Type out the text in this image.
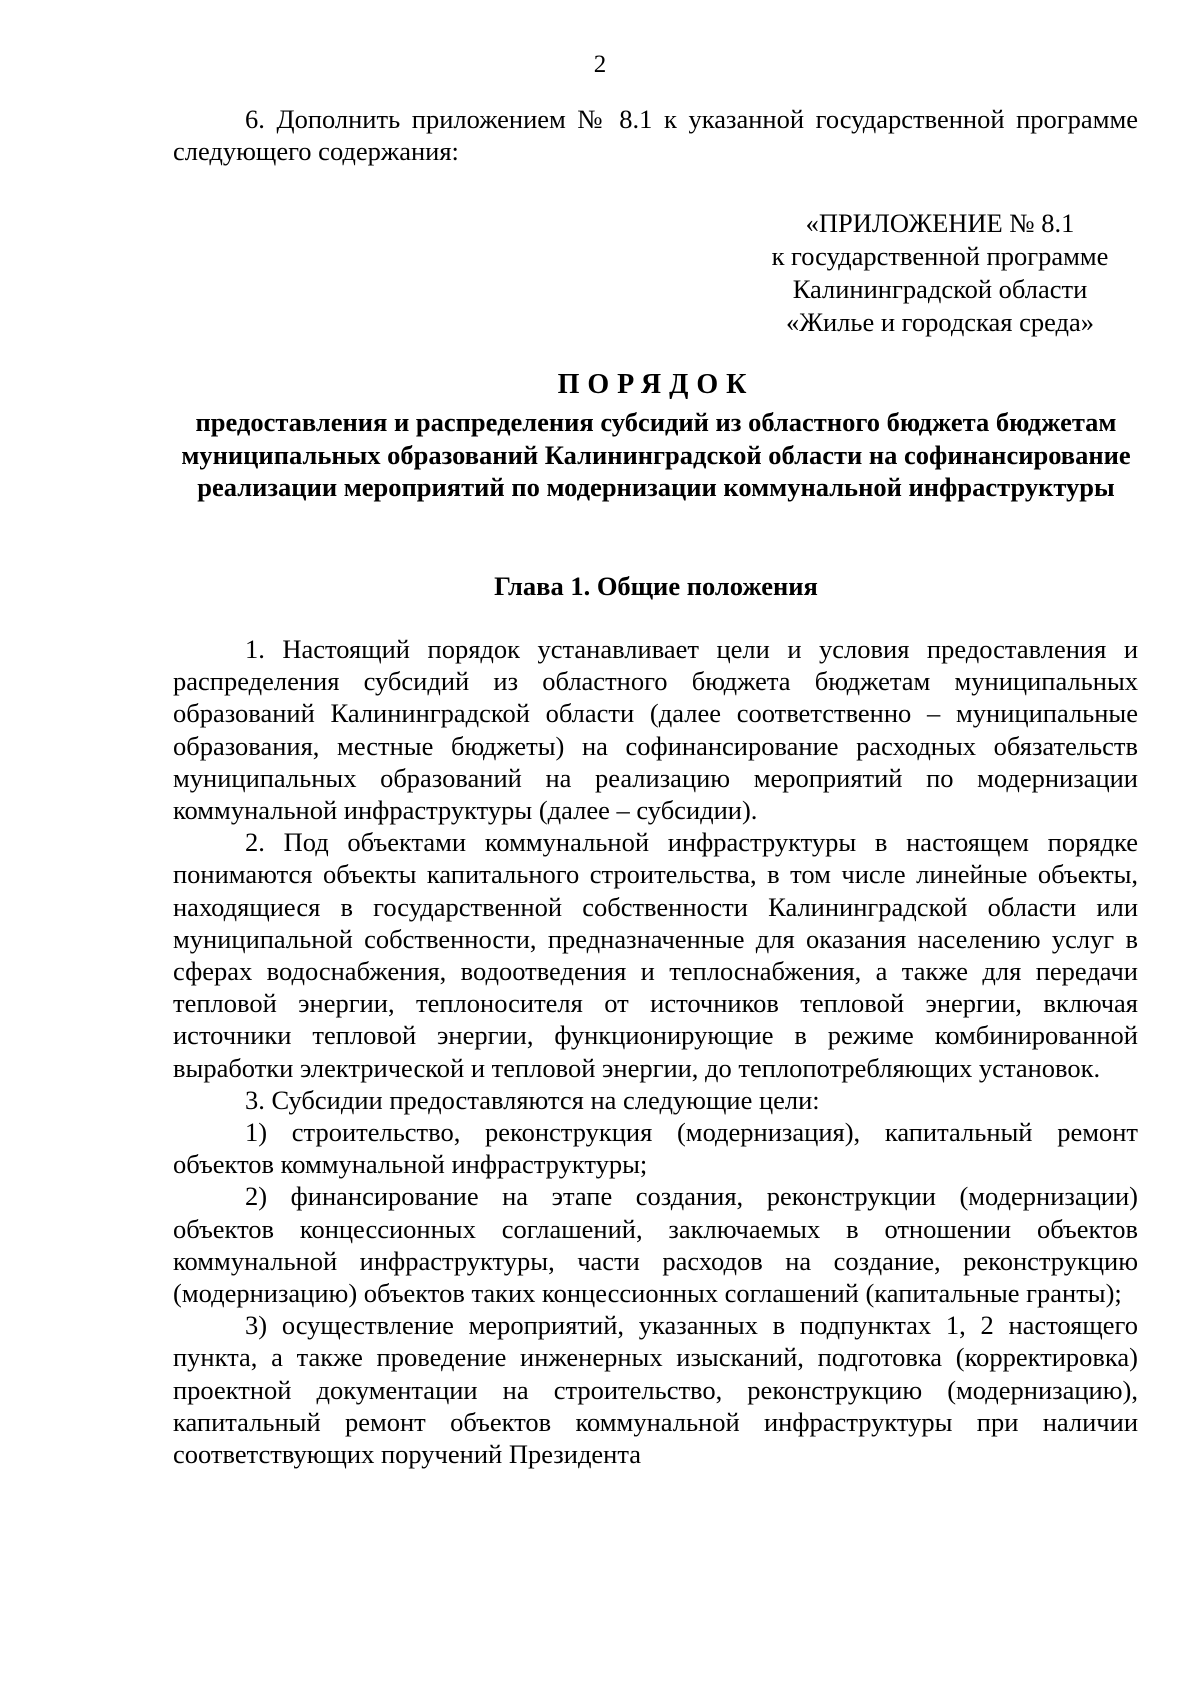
2

6. Дополнить приложением № 8.1 к указанной государственной программе следующего содержания:

«ПРИЛОЖЕНИЕ № 8.1
к государственной программе
Калининградской области
«Жилье и городская среда»
ПОРЯДОК
предоставления и распределения субсидий из областного бюджета бюджетам муниципальных образований Калининградской области на софинансирование реализации мероприятий по модернизации коммунальной инфраструктуры
Глава 1. Общие положения

1. Настоящий порядок устанавливает цели и условия предоставления и распределения субсидий из областного бюджета бюджетам муниципальных образований Калининградской области (далее соответственно – муниципальные образования, местные бюджеты) на софинансирование расходных обязательств муниципальных образований на реализацию мероприятий по модернизации коммунальной инфраструктуры (далее – субсидии).

2. Под объектами коммунальной инфраструктуры в настоящем порядке понимаются объекты капитального строительства, в том числе линейные объекты, находящиеся в государственной собственности Калининградской области или муниципальной собственности, предназначенные для оказания населению услуг в сферах водоснабжения, водоотведения и теплоснабжения, а также для передачи тепловой энергии, теплоносителя от источников тепловой энергии, включая источники тепловой энергии, функционирующие в режиме комбинированной выработки электрической и тепловой энергии, до теплопотребляющих установок.

3. Субсидии предоставляются на следующие цели:

1) строительство, реконструкция (модернизация), капитальный ремонт объектов коммунальной инфраструктуры;

2) финансирование на этапе создания, реконструкции (модернизации) объектов концессионных соглашений, заключаемых в отношении объектов коммунальной инфраструктуры, части расходов на создание, реконструкцию (модернизацию) объектов таких концессионных соглашений (капитальные гранты);

3) осуществление мероприятий, указанных в подпунктах 1, 2 настоящего пункта, а также проведение инженерных изысканий, подготовка (корректировка) проектной документации на строительство, реконструкцию (модернизацию), капитальный ремонт объектов коммунальной инфраструктуры при наличии соответствующих поручений Президента
